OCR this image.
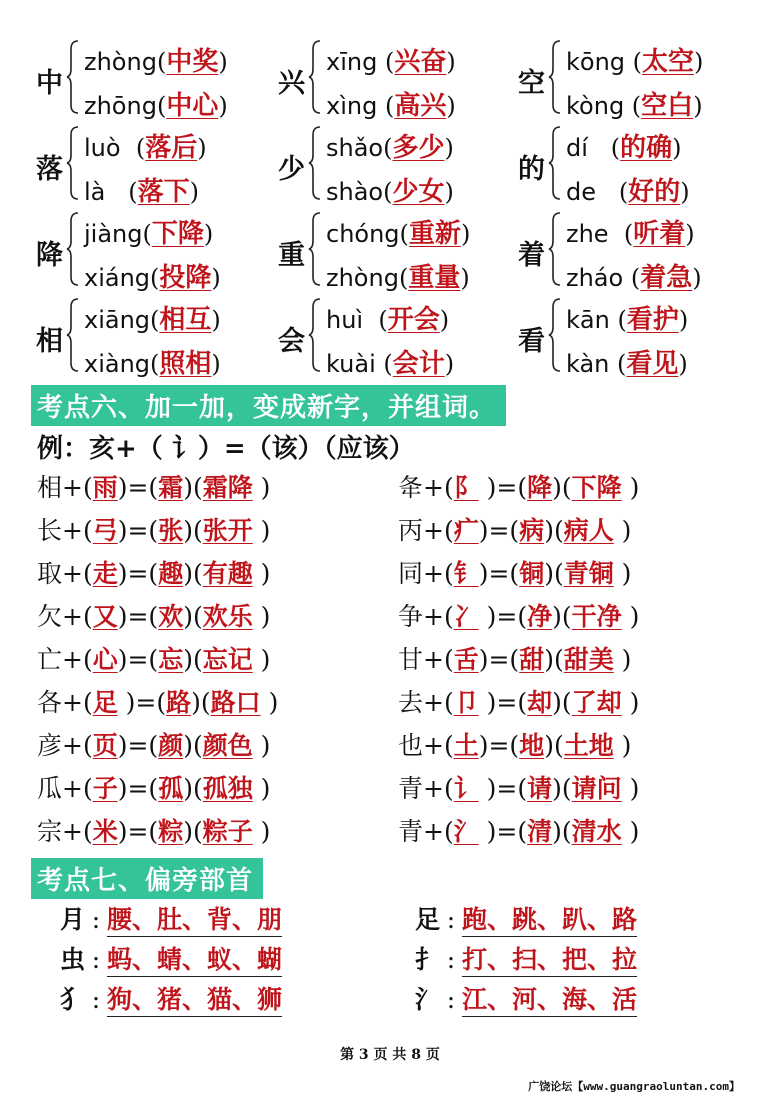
中
zhòng(中奖)
zhōng(中心)
兴
xīng (兴奋)
xìng (高兴)
空
kōng (太空)
kòng (空白)
落
luò  (落后)
là   (落下)
少
shǎo(多少)
shào(少女)
的
dí   (的确)
de   (好的)
降
jiàng(下降)
xiáng(投降)
重
chóng(重新)
zhòng(重量)
着
zhe  (听着)
zháo (着急)
相
xiāng(相互)
xiàng(照相)
会
huì  (开会)
kuài (会计)
看
kān (看护)
kàn (看见)
考点六、加一加，变成新字，并组词。
例：亥+（ 讠）=（该）（应该）
相+(雨)=(霜)(霜降 )
长+(弓)=(张)(张开 )
取+(走)=(趣)(有趣 )
欠+(又)=(欢)(欢乐 )
亡+(心)=(忘)(忘记 )
各+(足 )=(路)(路口 )
彦+(页)=(颜)(颜色 )
瓜+(子)=(孤)(孤独 )
宗+(米)=(粽)(粽子 )
夅+(阝 )=(降)(下降 )
丙+(疒)=(病)(病人 )
同+(钅)=(铜)(青铜 )
争+(冫 )=(净)(干净 )
甘+(舌)=(甜)(甜美 )
去+(卩 )=(却)(了却 )
也+(土)=(地)(土地 )
青+(讠 )=(请)(请问 )
青+(氵 )=(清)(清水 )
考点七、偏旁部首
月 : 腰、肚、背、朋	足 : 跑、跳、趴、路
虫 : 蚂、蜻、蚁、蝴	扌 : 打、扫、把、拉
犭 : 狗、猪、猫、狮	氵 : 江、河、海、活
第 3 页 共 8 页
广饶论坛【www.guangraoluntan.com】
